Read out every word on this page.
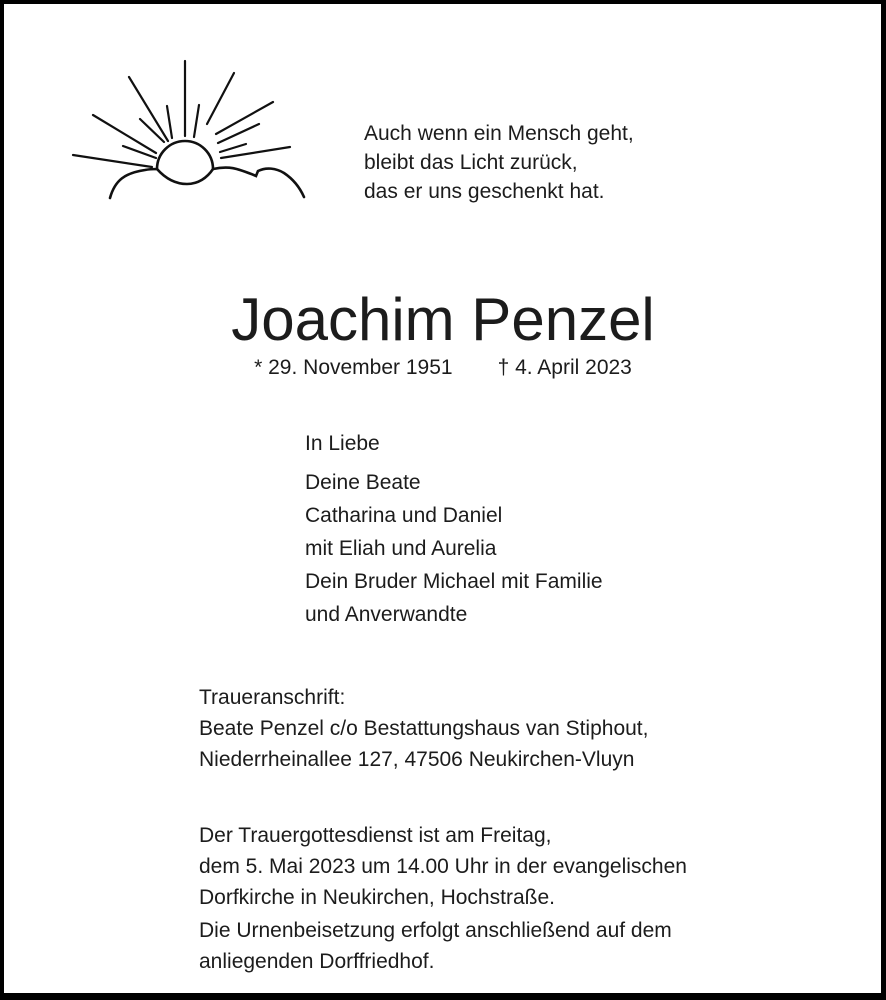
Auch wenn ein Mensch geht,
bleibt das Licht zurück,
das er uns geschenkt hat.
Joachim Penzel
* 29. November 1951 † 4. April 2023

In Liebe

Deine Beate
Catharina und Daniel
mit Eliah und Aurelia
Dein Bruder Michael mit Familie
und Anverwandte
Traueranschrift:
Beate Penzel c/o Bestattungshaus van Stiphout,
Niederrheinallee 127, 47506 Neukirchen-Vluyn
Der Trauergottesdienst ist am Freitag,
dem 5. Mai 2023 um 14.00 Uhr in der evangelischen
Dorfkirche in Neukirchen, Hochstraße.
Die Urnenbeisetzung erfolgt anschließend auf dem
anliegenden Dorffriedhof.
